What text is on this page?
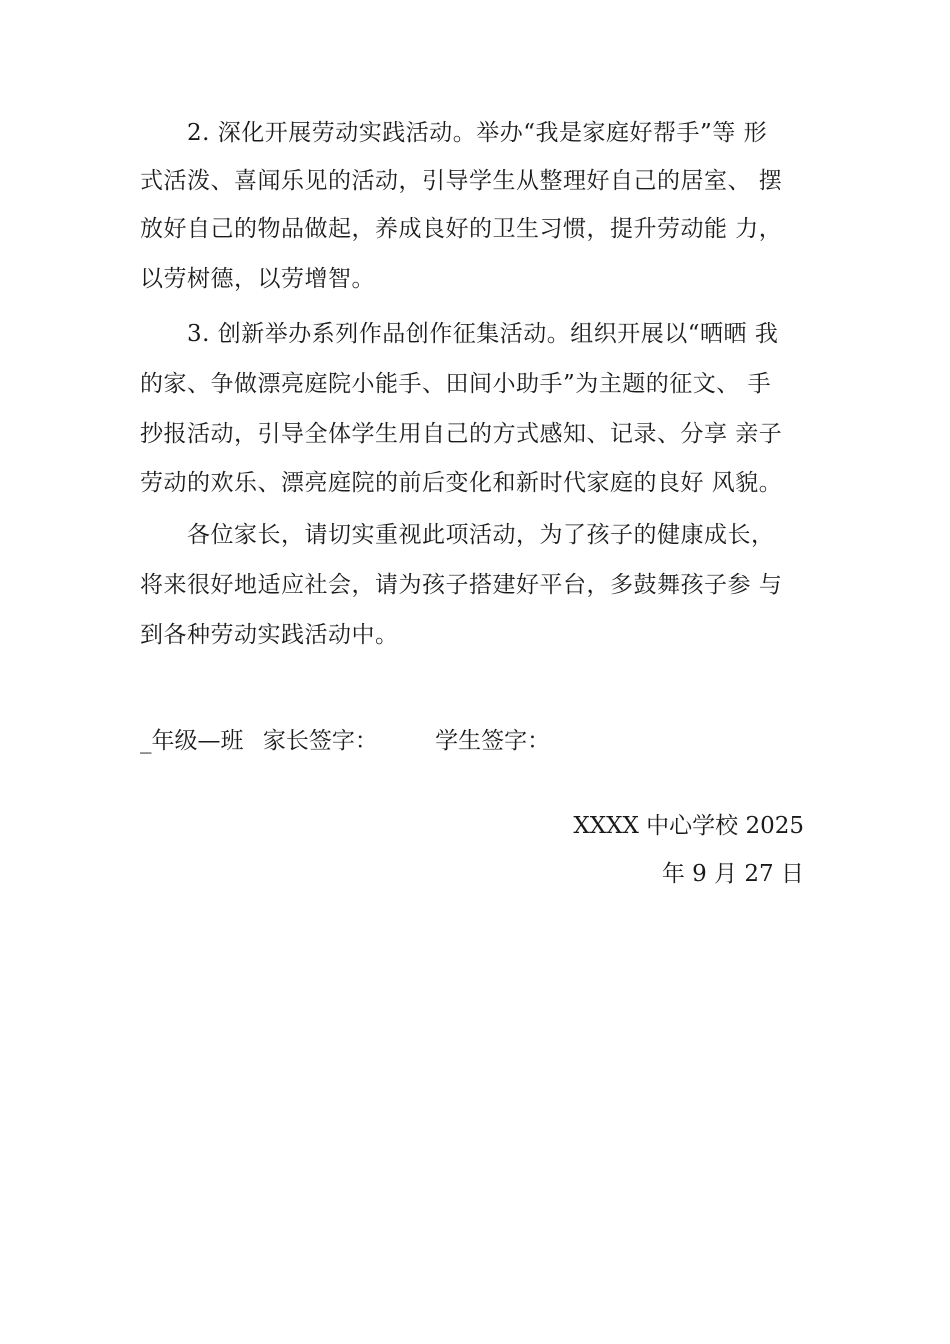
2. 深化开展劳动实践活动。举办“我是家庭好帮手”等 形
式活泼、喜闻乐见的活动，引导学生从整理好自己的居室、 摆
放好自己的物品做起，养成良好的卫生习惯，提升劳动能 力，
以劳树德，以劳增智。
3. 创新举办系列作品创作征集活动。组织开展以“晒晒 我
的家、争做漂亮庭院小能手、田间小助手”为主题的征文、 手
抄报活动，引导全体学生用自己的方式感知、记录、分享 亲子
劳动的欢乐、漂亮庭院的前后变化和新时代家庭的良好 风貌。
各位家长，请切实重视此项活动，为了孩子的健康成长，
将来很好地适应社会，请为孩子搭建好平台，多鼓舞孩子参 与
到各种劳动实践活动中。
_年级—班 家长签字： 学生签字：
XXXX 中心学校 2025
年 9 月 27 日
